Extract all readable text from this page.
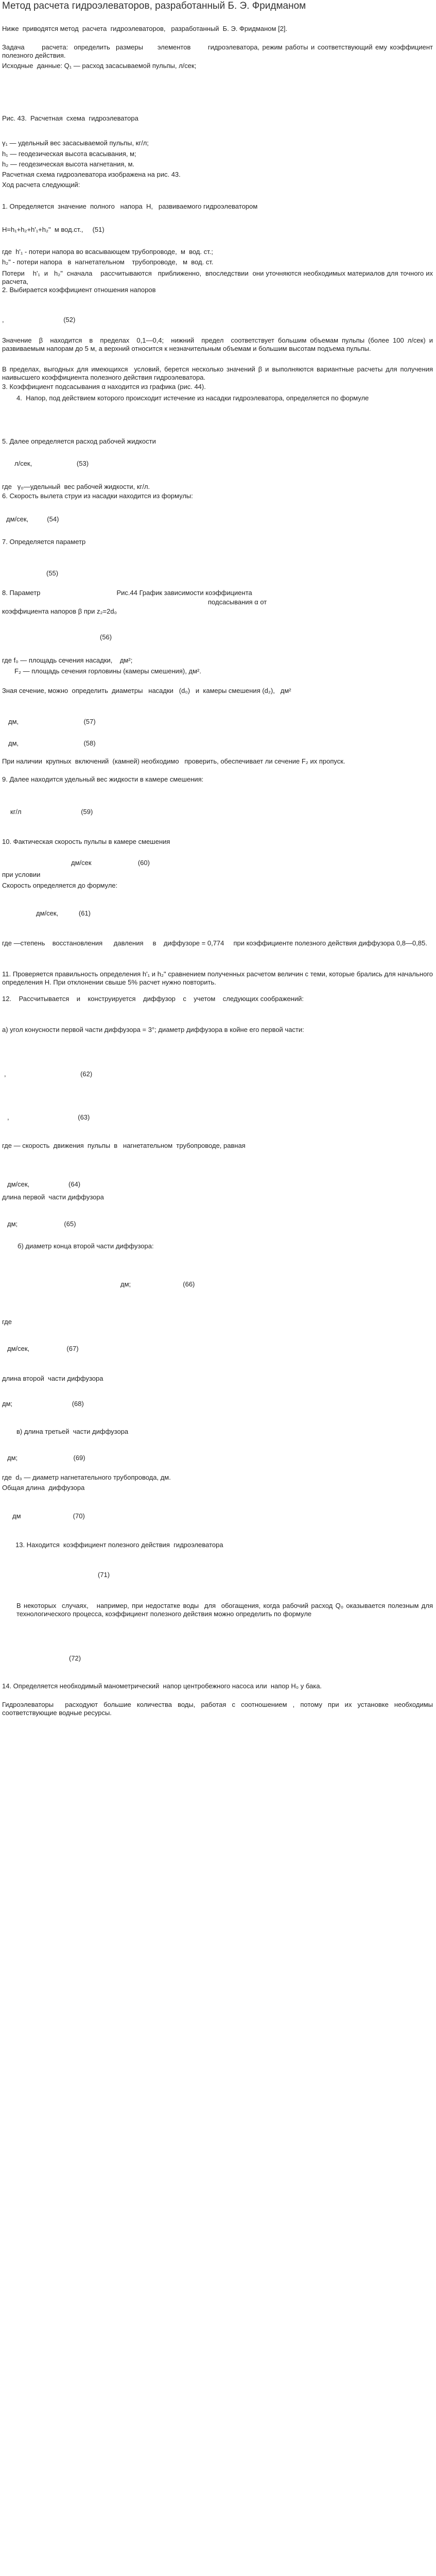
Метод расчета гидроэлеваторов, разработанный Б. Э. Фридманом

Ниже  приводятся метод  расчета  гидроэлеваторов,   разработанный  Б. Э. Фридманом [2].

Задача      расчета:  определить  размеры     элементов      гидроэлеватора, режим работы и соответствующий ему коэффициент полезного действия.

Исходные  данные: Q₁ — расход засасываемой пульпы, л/сек;

Рис. 43.  Расчетная  схема  гидроэлеватора

γ₁ — удельный вес засасываемой пульпы, кг/л;

h₁ — геодезическая высота всасывания, м;

h₂ — геодезическая высота нагнетания, м.

Расчетная схема гидроэлеватора изображена на рис. 43.

Ход расчета следующий:

1. Определяется  значение  полного   напора  Н,   развиваемого гидроэлеватором

Н=h₁+h₂+h'₁+h₂"  м вод.ст.,     (51)

где  h'₁ - потери напора во всасывающем трубопроводе,  м  вод. ст.;

h₂" - потери напора   в  нагнетательном    трубопроводе,   м  вод. ст.

Потери    h'₁  и   h₂"  сначала    рассчитываются   приближенно,  впоследствии  они уточняются необходимых материалов для точного их расчета,

2. Выбирается коэффициент отношения напоров

,                                (52)

Значение  β  находится  в  пределах  0,1—0,4;  нижний  предел  соответствует большим объемам пульпы (более 100 л/сек) и развиваемым напорам до 5 м, а верхний относится к незначительным объемам и большим высотам подъема пульпы.

В пределах, выгодных для имеющихся  условий, берется несколько значений β и выполняются вариантные расчеты для получения наивысшего коэффициента полезного действия гидроэлеватора.

3. Коэффициент подсасывания α находится из графика (рис. 44).

4.  Напор, под действием которого происходит истечение из насадки гидроэлеватора, определяется по формуле

5. Далее определяется расход рабочей жидкости

л/сек,                        (53)

где   γ₀—удельный  вес рабочей жидкости, кг/л.

6. Скорость вылета струи из насадки находится из формулы:

дм/сек,          (54)

7. Определяется параметр

(55)

8. Параметр                                         Рис.44 График зависимости коэффициента

подсасывания α от

коэффициента напоров β при z₂=2d₀

(56)

где f₀ — площадь сечения насадки,    дм²;

F₂ — площадь сечения горловины (камеры смешения), дм².

Зная сечение, можно  определить  диаметры   насадки   (d₀)   и  камеры смешения (d₂),   дм²

дм,                                   (57)

дм,                                   (58)

При наличии  крупных  включений  (камней) необходимо   проверить, обеспечивает ли сечение F₂ их пропуск.

9. Далее находится удельный вес жидкости в камере смешения:

кг/л                                (59)

10. Фактическая скорость пульпы в камере смешения

дм/сек                         (60)

при условии

Скорость определяется до формуле:

дм/сек,           (61)

где —степень    восстановления      давления     в    диффузоре = 0,774     при коэффициенте полезного действия диффузора 0,8—0,85.

11. Проверяется правильность определения h'₁ и h₂" сравнением полученных расчетом величин с теми, которые брались для начального определения Н. При отклонении свыше 5% расчет нужно повторить.

12.    Рассчитывается    и    конструируется    диффузор    с    учетом    следующих соображений:

а) угол конусности первой части диффузора = 3°; диаметр диффузора в койне его первой части:

,                                        (62)

,                                     (63)

где — скорость  движения  пульпы  в   нагнетательном  трубопроводе, равная

дм/сек,                     (64)

длина первой  части диффузора

дм;                         (65)

б) диаметр конца второй части диффузора:

дм;                            (66)

где

дм/сек,                    (67)

длина второй  части диффузора

дм;                                (68)

в) длина третьей  части диффузора

дм;                              (69)

где  d₃ — диаметр нагнетательного трубопровода, дм.

Общая длина  диффузора

дм                            (70)

13. Находится  коэффициент полезного действия  гидроэлеватора

(71)

В некоторых  случаях,   например, при недостатке воды  для  обогащения, когда рабочий расход Q₀ оказывается полезным для технологического процесса, коэффициент полезного действия можно определить по формуле

(72)

14. Определяется необходимый манометрический  напор центробежного насоса или  напор H₀ у бака.

Гидроэлеваторы  расходуют большие количества воды, работая с соотношением , потому при их установке необходимы соответствующие водные ресурсы.
